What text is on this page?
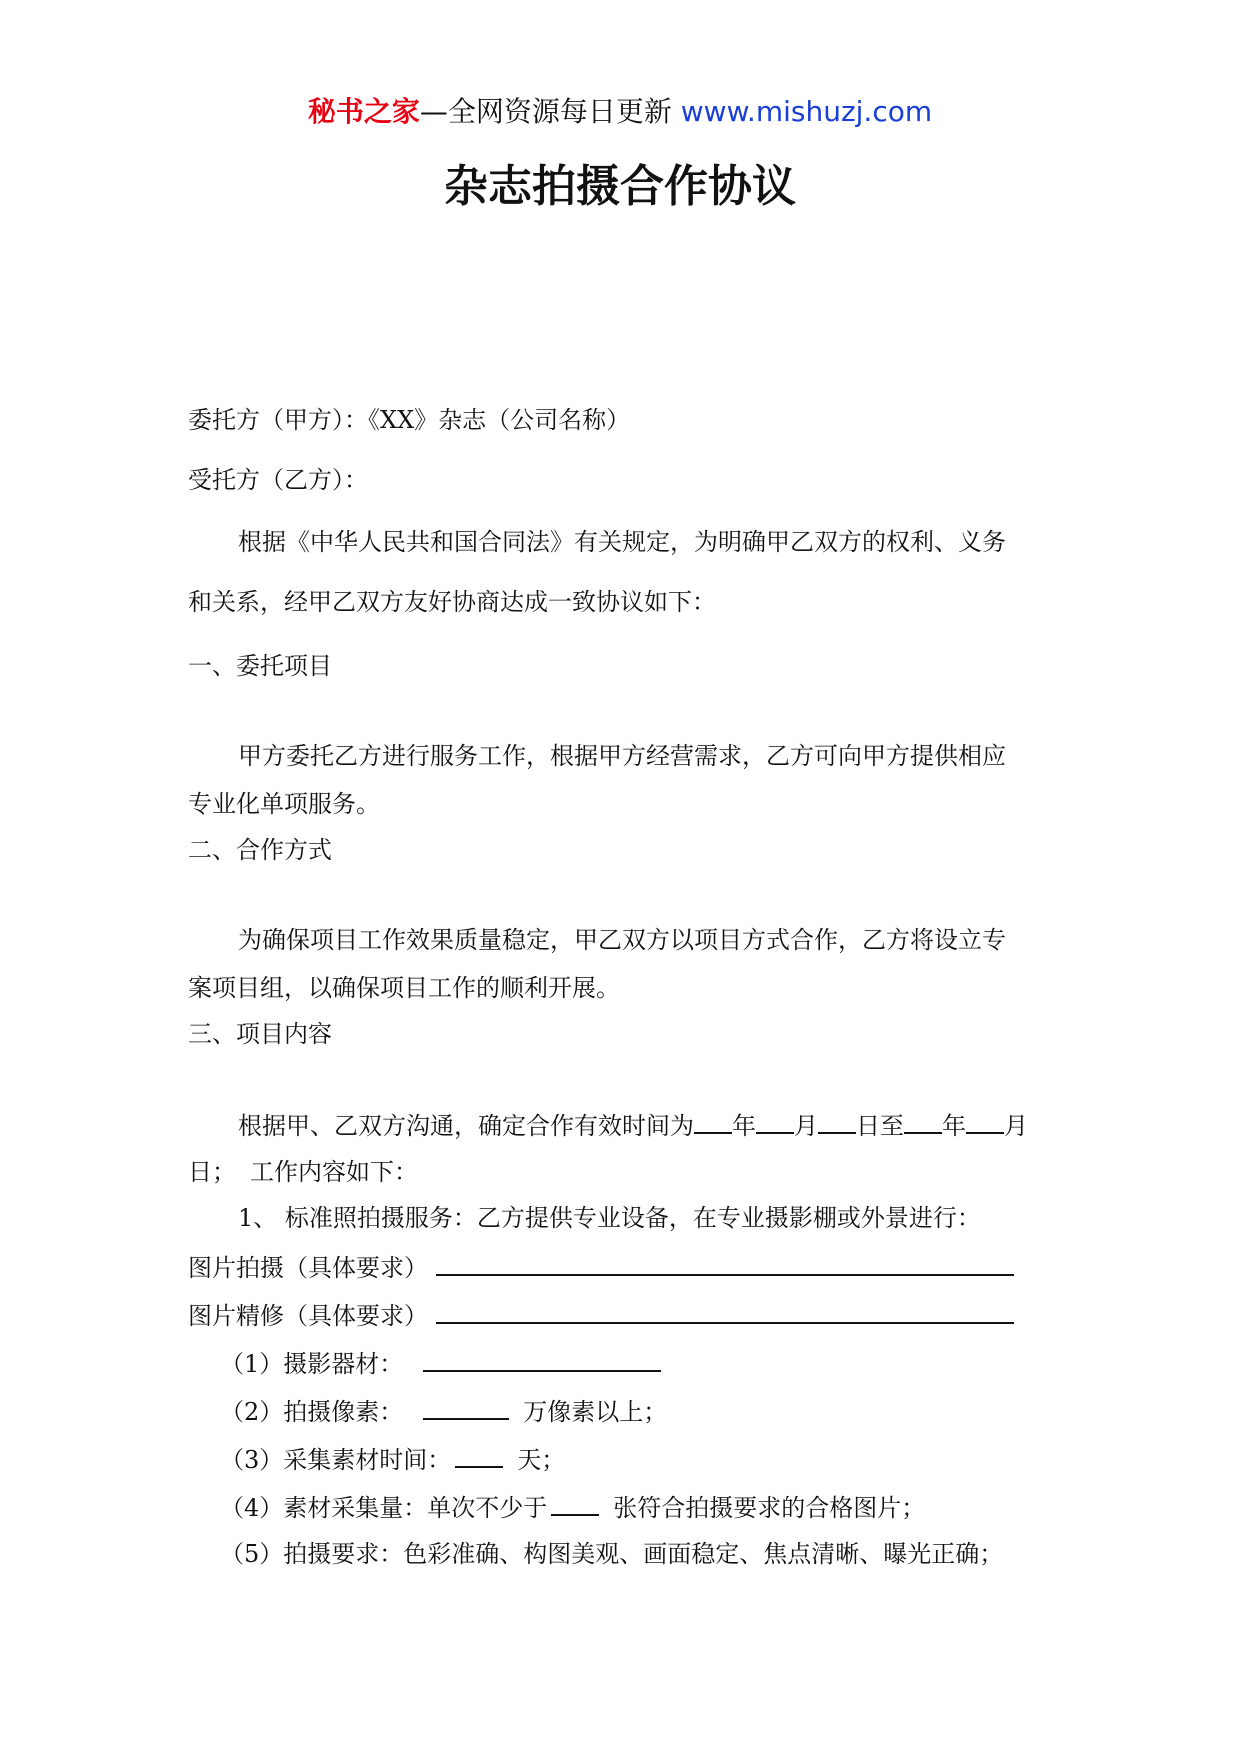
秘书之家—全网资源每日更新 www.mishuzj.com
杂志拍摄合作协议
委托方（甲方）：《XX》杂志（公司名称）
受托方（乙方）：
根据《中华人民共和国合同法》有关规定，为明确甲乙双方的权利、义务
和关系，经甲乙双方友好协商达成一致协议如下：
一、委托项目
甲方委托乙方进行服务工作，根据甲方经营需求，乙方可向甲方提供相应
专业化单项服务。
二、合作方式
为确保项目工作效果质量稳定，甲乙双方以项目方式合作，乙方将设立专
案项目组，以确保项目工作的顺利开展。
三、项目内容
根据甲、乙双方沟通，确定合作有效时间为 年 月 日至 年 月
日； 工作内容如下：
1、 标准照拍摄服务：乙方提供专业设备，在专业摄影棚或外景进行：
图片拍摄（具体要求）
图片精修（具体要求）
（1）摄影器材：
（2）拍摄像素：	万像素以上；
（3）采集素材时间：	天；
（4）素材采集量：单次不少于	张符合拍摄要求的合格图片；
（5）拍摄要求：色彩准确、构图美观、画面稳定、焦点清晰、曝光正确；
